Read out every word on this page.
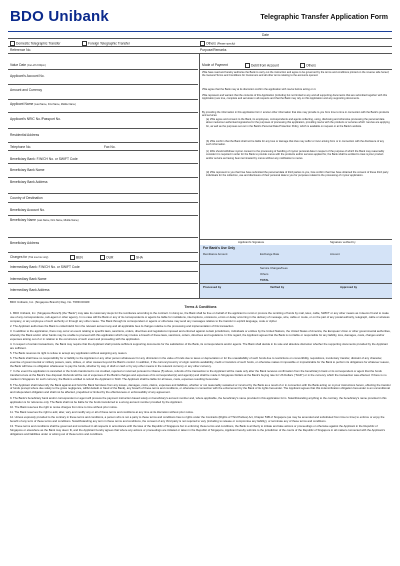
BDO Unibank	Telegraphic Transfer Application Form
Date
Domestic Telegraphic Transfer	Foreign Telegraphic Transfer	Others (Please specify)
Reference No.	Purpose/Remarks
Value Date (Cut-off 2:00pm)
Applicant's Account No.
Amount and Currency
Applicant Name (Last Name, First Name, Middle Name)
Applicant's NRIC No./Passport No.
Residential Address
Telephone No.	Fax No.
Beneficiary Bank: F.W/CH No. or SWIFT Code
Beneficiary Bank Name
Beneficiary Bank Address
Country of Destination
Beneficiary Account No.
Beneficiary Name (Last Name, First Name, Middle Name)
Beneficiary Address
Charges for (Tick one box only)	BEN	OUR	SHA
Intermediary Bank: F.W/CH No. or SWIFT Code
Intermediary Bank Name
Intermediary Bank Address
BDO Unibank, Inc. (Singapore Branch) Reg. No. T08FC0032F
Mode of Payment	Debit from Account	Others
I/We have read and hereby authorise the Bank to carry out the instruction and agree to be governed by the terms and conditions printed on the reverse side hereof, the General Terms and Conditions for Customers and all other terms relating to the accounts opened.
I/We agree that the Bank may at its discretion confirm the application with me/us before acting on it.
I/We represent and warrant that the contents of this Application (including but not limited to any and all supporting documents that are submitted together with this Application) are true, complete and accurate in all respects and that the Bank may rely on this Application and any supporting documents.
By providing the information in this application form I am/our other information that I/we may provide to you from time to time in connection with the Bank's products and services:
(a) I/We agree and consent to the Bank, its employees, correspondents and agents collecting, using, disclosing and otherwise processing the personal data about me/us/our authorised signatories for the purposes of processing this application, providing me/us with the products or services which I am/we are applying for, as well as the purposes set out in the Bank's Personal Data Protection Policy, which is available on request or at the Bank's website.
(b) I/We confirm that the Bank shall not be liable for any loss or damage that I/we may suffer or incur arising from or in connection with the disclosure of any such information.
(c) I/We should withdraw my/our consent to the processing of handling of my/our personal data in respect of the purpose of which the Bank may reasonably consider it is required in order for the Bank to provide me/us with the products and/or services applied for, the Bank shall be entitled to treat my/our product and/or service as having been terminated by me/us without any notification to me/us.
(d) I/We represent to you that I/we have submitted the personal data of third parties to you, I/we confirm that I/we have obtained the consent of these third party individuals for the collection, use and disclosure of their personal data to you for purposes related to the processing of my/our application.
Applicant's Signature	Signature verified by
For Bank's Use Only
Remittance Amount	Exchange Rate	Amount
Service Charges/Fees
Others
TOTAL
Processed by	Verified by	Approved by
Terms & Conditions

1. BDO Unibank, Inc. (Singapore Branch) (the "Bank") may take its customary steps for the remittance according to the contract. In doing so, the Bank shall be free on behalf of the applicant to remit or procure the remitting of funds by mail, telex, cable, SWIFT or any other means as it deems fit and to make use of any correspondence, sub-agent or other agency. In no case will the Bank or any of its correspondents or agents be liable for mutilations, interruptions, omissions, errors or delay occurring in the delivery of message, wire, cable or mode, or on the part of any postal authority, telegraph, cable or wireless company, or any employee of such authority or through any other cause. The Bank through its correspondent or agents or otherwise may send any messages relative to the transfer in explicit language, code or cipher.

2. The Applicant authorises the Bank to collect/debit from the relevant account any and all applicable fees & charges relative to the processing and implementation of this transaction.

3. In addition to the application, there may occur an event relating to specific laws, sanctions, orders, directives and regulations imposed and enforced against certain jurisdictions, individuals or entities by the United Nations, the United States of America, the European Union or other governmental authorities, whereby the Bank and/or other banks may be unable to proceed with this application which may involve a breach of these laws, sanctions, orders, directives and regulations. In this regard, the Applicant agrees that the Bank is not liable or responsible for any liability, loss, damages, costs, charges and/or expenses arising out of or in relation to the occurrence of such event and proceeding with the application.

4. In respect of certain transactions, the Bank may require that the Applicant shall provide sufficient supporting documents for the satisfaction of the Bank, its correspondents and/or agents. The Bank shall decide in its sole and absolute discretion whether the supporting documents provided by the Applicant are sufficient.

5. The Bank reserves its right to refuse to accept any application without assigning any reason.

6. The Bank shall have no responsibility for or liability to the Applicant or any other person whatsoever for any diminution in the value of funds due to taxes or depreciation or for the unavailability of such funds due to restrictions on convertibility, requisitions, involuntary transfer, distraint of any character, exercise of governmental or military powers, wars, strikes, or other causes beyond the Bank's control. In addition, if the currency/country of origin restricts availability, credit or transfers of such funds, or otherwise makes it impossible or impracticable for the Bank to perform its obligations for whatever reason, the Bank will have no obligation whatsoever to pay the funds, whether by way of draft or cash or by any other means in the relevant currency or any other currency.

7. In the event the application is cancelled or the funds transferred is not credited, rejected or returned pursuant to Clause (5) above, refunds of the transaction to the Applicant will be made only after the Bank receives confirmation from the beneficiary's bank or its correspondent or agent that the funds transferred are at the Bank's free disposal. Refunds will be net of expenses of the Bank's charges and expenses of its correspondent(s) and agent(s) and shall be made in Singapore Dollars at the Bank's buying rate for US Dollars ("SGD") or in the currency which the transaction was effected. If there is no market in Singapore for such currency, the Bank is entitled to refund the Applicant in SGD. The Applicant shall be liable for all taxes, costs, expenses resulting hereunder.

8. The Applicant shall indemnify the Bank against and hold the Bank harmless from any losses, damages, costs, claims, expenses and liabilities, whether or not reasonably sustained or incurred by the Bank as a result of or in connection with the Bank acting on my/our instructions herein, effecting the transfer of funds (except where due solely to the gross negligence, willful default or fraud of the Bank), any breach of these terms and conditions, or otherwise in connection with the enforcement by the Bank of its rights hereunder. The Applicant agrees that this indemnification obligation hereunder is an unconditional and independent obligation and shall not be affected, prejudiced or limited by the effectiveness or enforceability of any agreement.

9. The Bank's beneficiary bank and/or correspondent or agent will process the payment instruction based solely on beneficiary's account number and, where applicable, the beneficiary's name provided in this application form. Notwithstanding anything to the contrary, the beneficiary's name provided in this application is for reference only. The Bank shall not be liable for the funds transferred to a wrong account number provided by the Applicant.

10. The Bank reserves the right to revise charges from time to time without prior notice.

11. The Bank reserves the right to add, alter, vary and modify any or all of these terms and conditions at any time at its discretion without prior notice.

12. Unless expressly provided to the contrary in these terms and conditions, a person who is not a party to these terms and conditions has no rights under the Contracts (Rights of Third Parties) Act, Chapter 53B of Singapore (as may be amended and substituted from time to time) to enforce or enjoy the benefit of any term of these terms and conditions. Notwithstanding any term in these terms and conditions, the consent of any third party is not required to vary (including to release or compromise any liability), or terminate any of these terms and conditions.

13. These terms and conditions shall be governed and construed in all respects in accordance with the laws of the Republic of Singapore but in enforcing these terms and conditions, the Bank is at liberty to initiate and take actions or proceedings or otherwise against the Applicant in the Republic of Singapore or elsewhere as the Bank may deem fit, and the Applicant hereby agrees that where any actions or proceedings are initiated or taken in the Republic of Singapore, Applicant hereby submits to the jurisdiction of the courts of the Republic of Singapore in all matters connected with the Applicant's obligations and liabilities under or arising out of these terms and conditions.
